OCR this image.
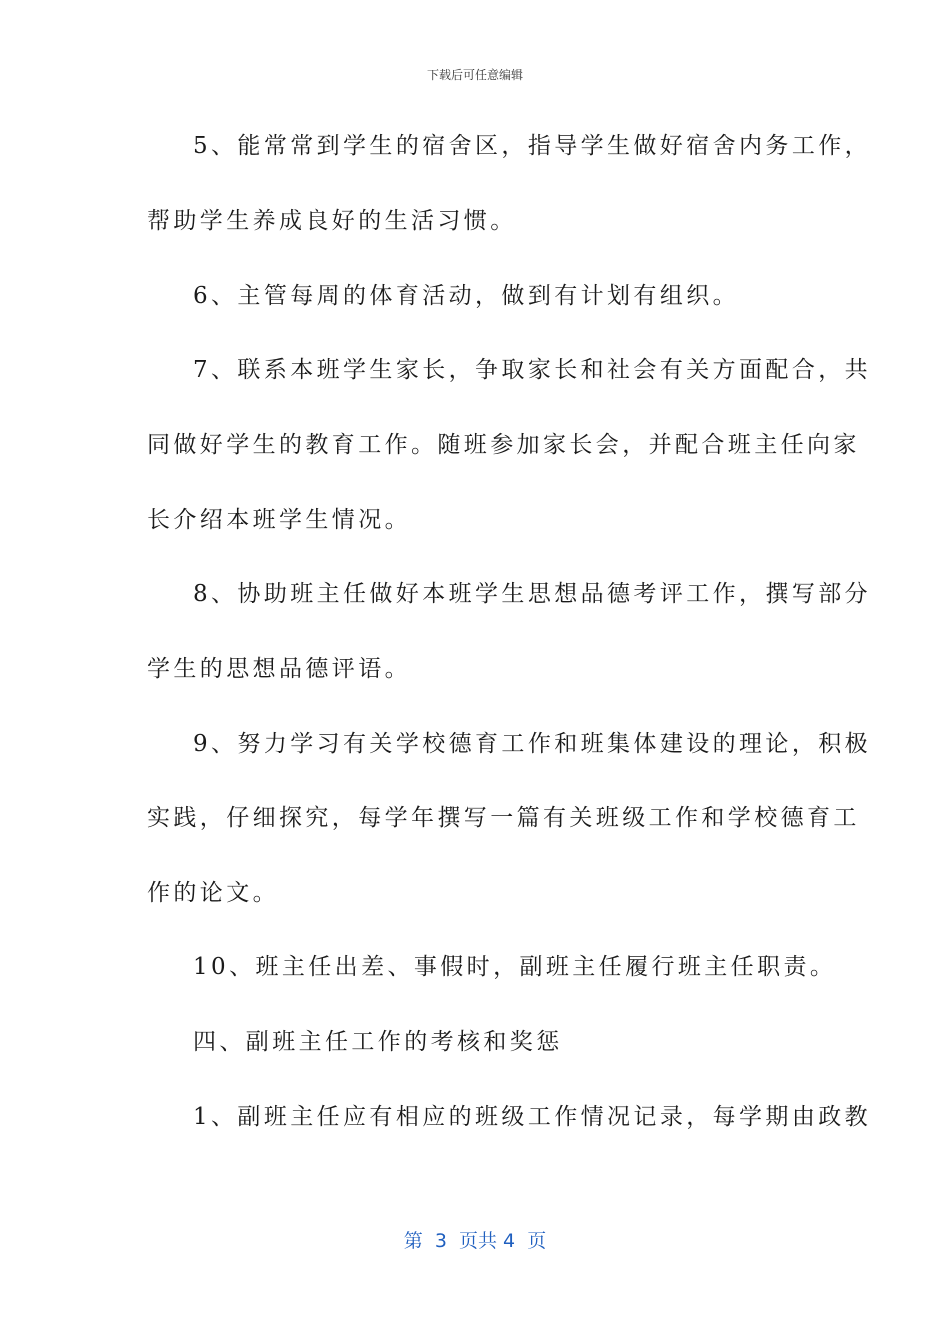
下载后可任意编辑
5、能常常到学生的宿舍区，指导学生做好宿舍内务工作，
帮助学生养成良好的生活习惯。
6、主管每周的体育活动，做到有计划有组织。
7、联系本班学生家长，争取家长和社会有关方面配合，共
同做好学生的教育工作。随班参加家长会，并配合班主任向家
长介绍本班学生情况。
8、协助班主任做好本班学生思想品德考评工作，撰写部分
学生的思想品德评语。
9、努力学习有关学校德育工作和班集体建设的理论，积极
实践，仔细探究，每学年撰写一篇有关班级工作和学校德育工
作的论文。
10、班主任出差、事假时，副班主任履行班主任职责。
四、副班主任工作的考核和奖惩
1、副班主任应有相应的班级工作情况记录，每学期由政教
第  3  页共 4  页
